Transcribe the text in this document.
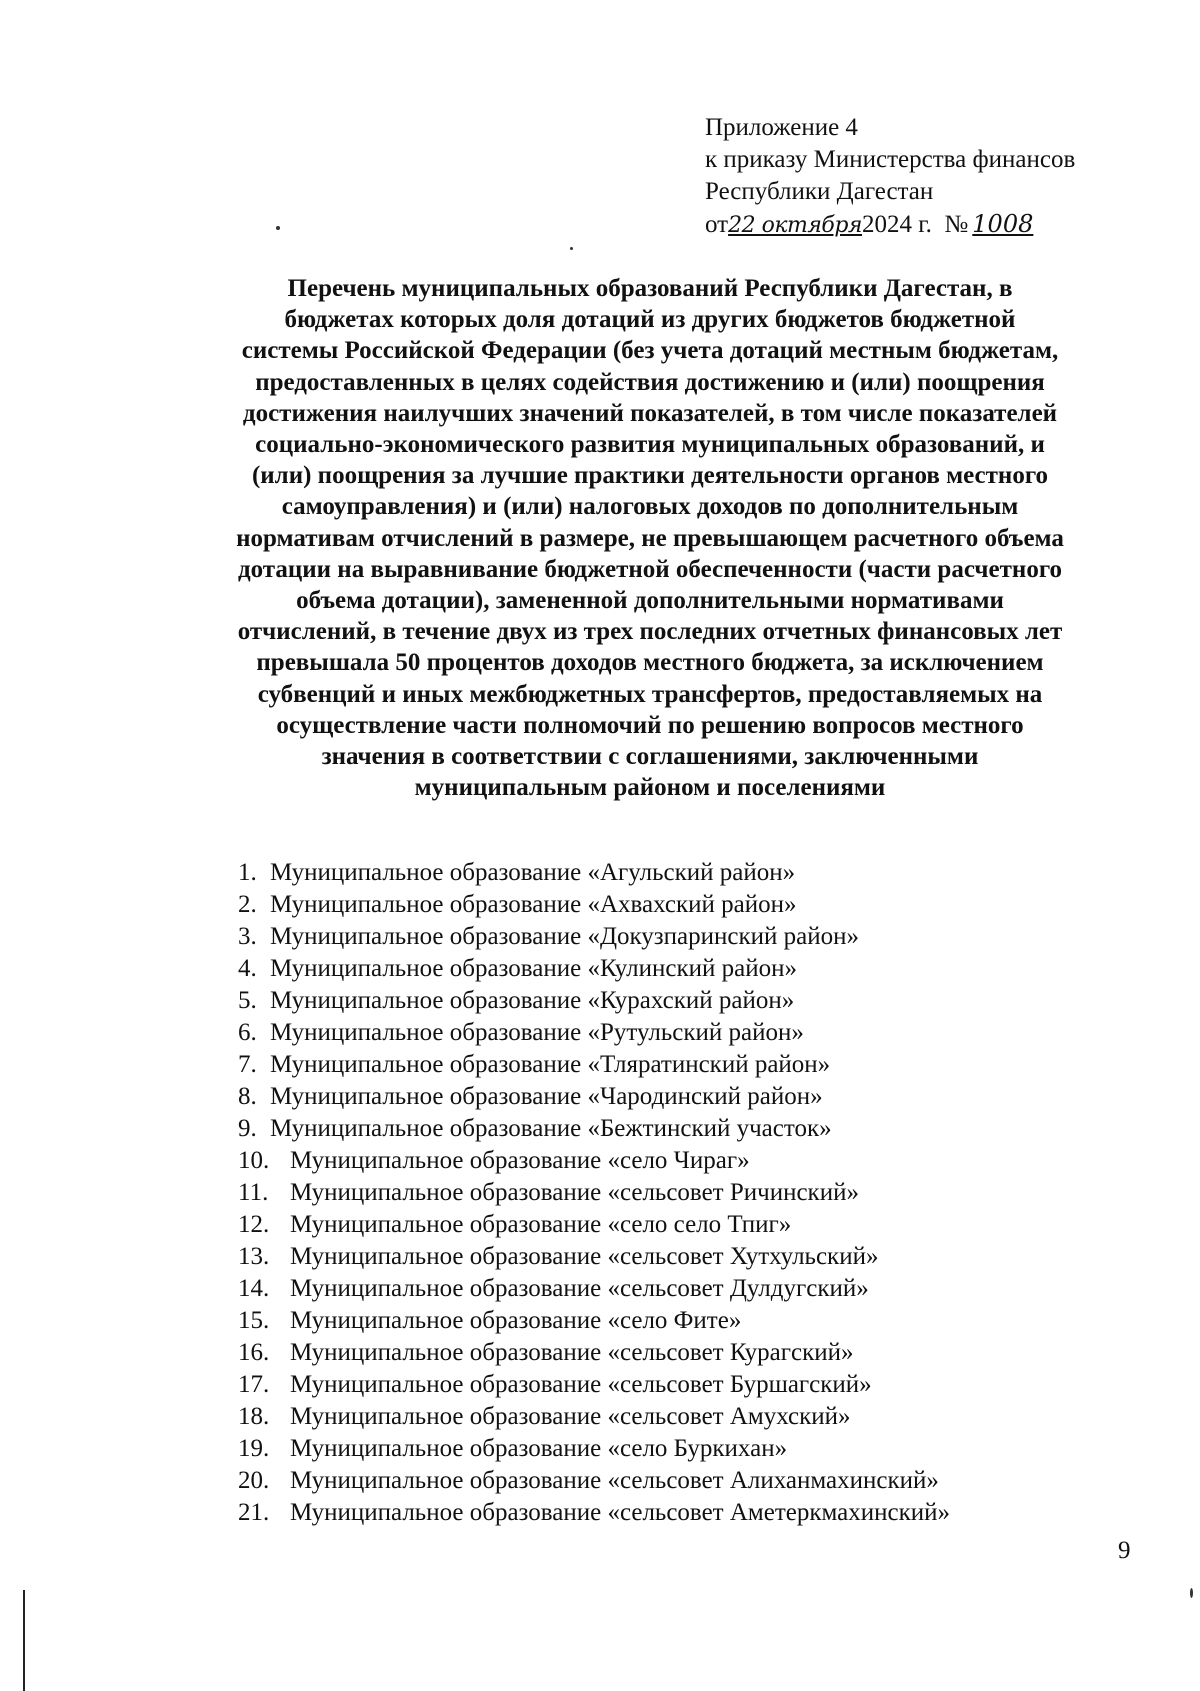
Приложение 4
к приказу Министерства финансов
Республики Дагестан
от22 октября2024 г. № 1008
Перечень муниципальных образований Республики Дагестан, в
бюджетах которых доля дотаций из других бюджетов бюджетной
системы Российской Федерации (без учета дотаций местным бюджетам,
предоставленных в целях содействия достижению и (или) поощрения
достижения наилучших значений показателей, в том числе показателей
социально-экономического развития муниципальных образований, и
(или) поощрения за лучшие практики деятельности органов местного
самоуправления) и (или) налоговых доходов по дополнительным
нормативам отчислений в размере, не превышающем расчетного объема
дотации на выравнивание бюджетной обеспеченности (части расчетного
объема дотации), замененной дополнительными нормативами
отчислений, в течение двух из трех последних отчетных финансовых лет
превышала 50 процентов доходов местного бюджета, за исключением
субвенций и иных межбюджетных трансфертов, предоставляемых на
осуществление части полномочий по решению вопросов местного
значения в соответствии с соглашениями, заключенными
муниципальным районом и поселениями
1. Муниципальное образование «Агульский район»
2. Муниципальное образование «Ахвахский район»
3. Муниципальное образование «Докузпаринский район»
4. Муниципальное образование «Кулинский район»
5. Муниципальное образование «Курахский район»
6. Муниципальное образование «Рутульский район»
7. Муниципальное образование «Тляратинский район»
8. Муниципальное образование «Чародинский район»
9. Муниципальное образование «Бежтинский участок»
10. Муниципальное образование «село Чираг»
11. Муниципальное образование «сельсовет Ричинский»
12. Муниципальное образование «село село Тпиг»
13. Муниципальное образование «сельсовет Хутхульский»
14. Муниципальное образование «сельсовет Дулдугский»
15. Муниципальное образование «село Фите»
16. Муниципальное образование «сельсовет Курагский»
17. Муниципальное образование «сельсовет Буршагский»
18. Муниципальное образование «сельсовет Амухский»
19. Муниципальное образование «село Буркихан»
20. Муниципальное образование «сельсовет Алиханмахинский»
21. Муниципальное образование «сельсовет Аметеркмахинский»
9
